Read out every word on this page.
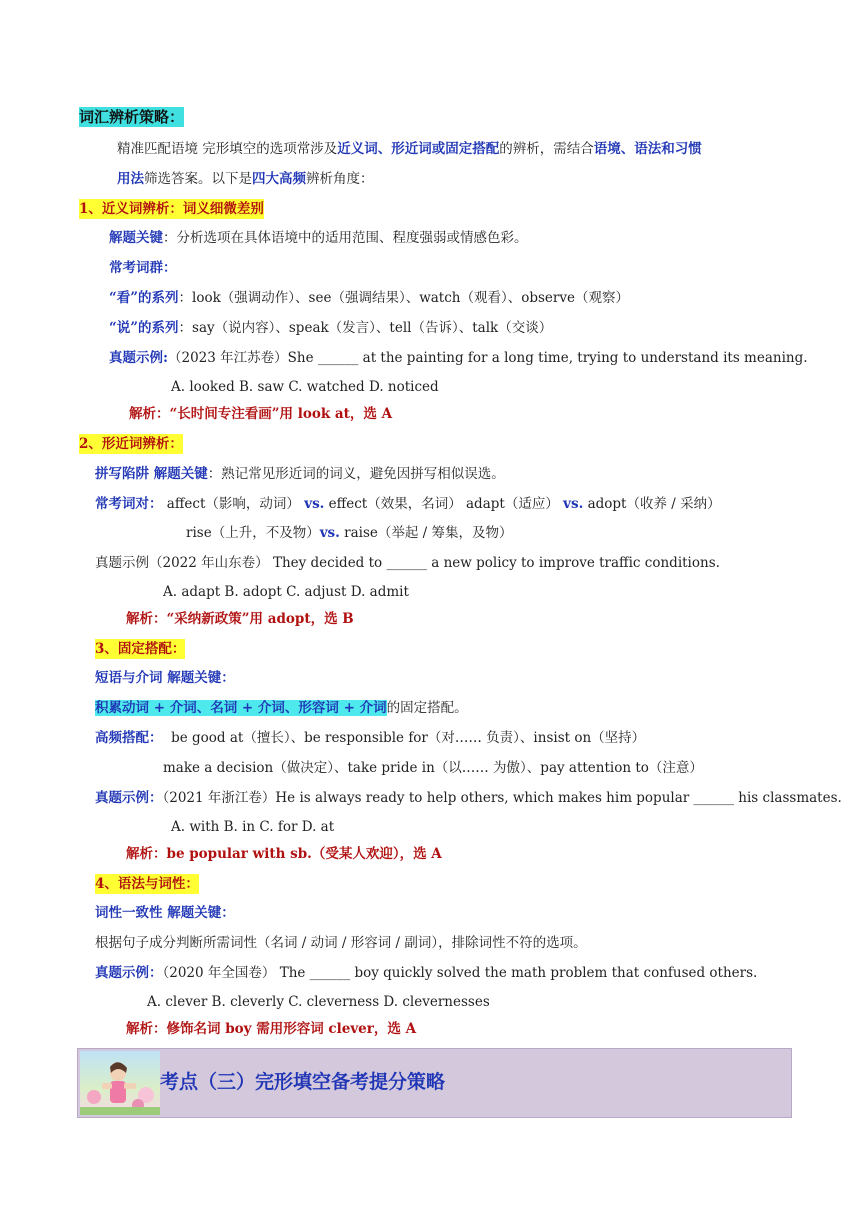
词汇辨析策略：
精准匹配语境 完形填空的选项常涉及近义词、形近词或固定搭配的辨析，需结合语境、语法和习惯
用法筛选答案。以下是四大高频辨析角度：
1、近义词辨析：词义细微差别
解题关键：分析选项在具体语境中的适用范围、程度强弱或情感色彩。
常考词群：
“看”的系列：look（强调动作）、see（强调结果）、watch（观看）、observe（观察）
“说”的系列：say（说内容）、speak（发言）、tell（告诉）、talk（交谈）
真题示例:（2023 年江苏卷）She ______ at the painting for a long time, trying to understand its meaning.
A. looked B. saw C. watched D. noticed
解析：“长时间专注看画”用 look at，选 A
2、形近词辨析：
拼写陷阱 解题关键：熟记常见形近词的词义，避免因拼写相似误选。
常考词对： affect（影响，动词） vs. effect（效果，名词） adapt（适应） vs. adopt（收养 / 采纳）
rise（上升，不及物）vs. raise（举起 / 筹集，及物）
真题示例（2022 年山东卷） They decided to ______ a new policy to improve traffic conditions.
A. adapt B. adopt C. adjust D. admit
解析：“采纳新政策”用 adopt，选 B
3、固定搭配：
短语与介词 解题关键：
积累动词 + 介词、名词 + 介词、形容词 + 介词的固定搭配。
高频搭配： be good at（擅长）、be responsible for（对…… 负责）、insist on（坚持）
make a decision（做决定）、take pride in（以…… 为傲）、pay attention to（注意）
真题示例：（2021 年浙江卷）He is always ready to help others, which makes him popular ______ his classmates.
A. with B. in C. for D. at
解析：be popular with sb.（受某人欢迎），选 A
4、语法与词性：
词性一致性 解题关键：
根据句子成分判断所需词性（名词 / 动词 / 形容词 / 副词），排除词性不符的选项。
真题示例：（2020 年全国卷） The ______ boy quickly solved the math problem that confused others.
A. clever B. cleverly C. cleverness D. clevernesses
解析：修饰名词 boy 需用形容词 clever，选 A
考点（三）完形填空备考提分策略
